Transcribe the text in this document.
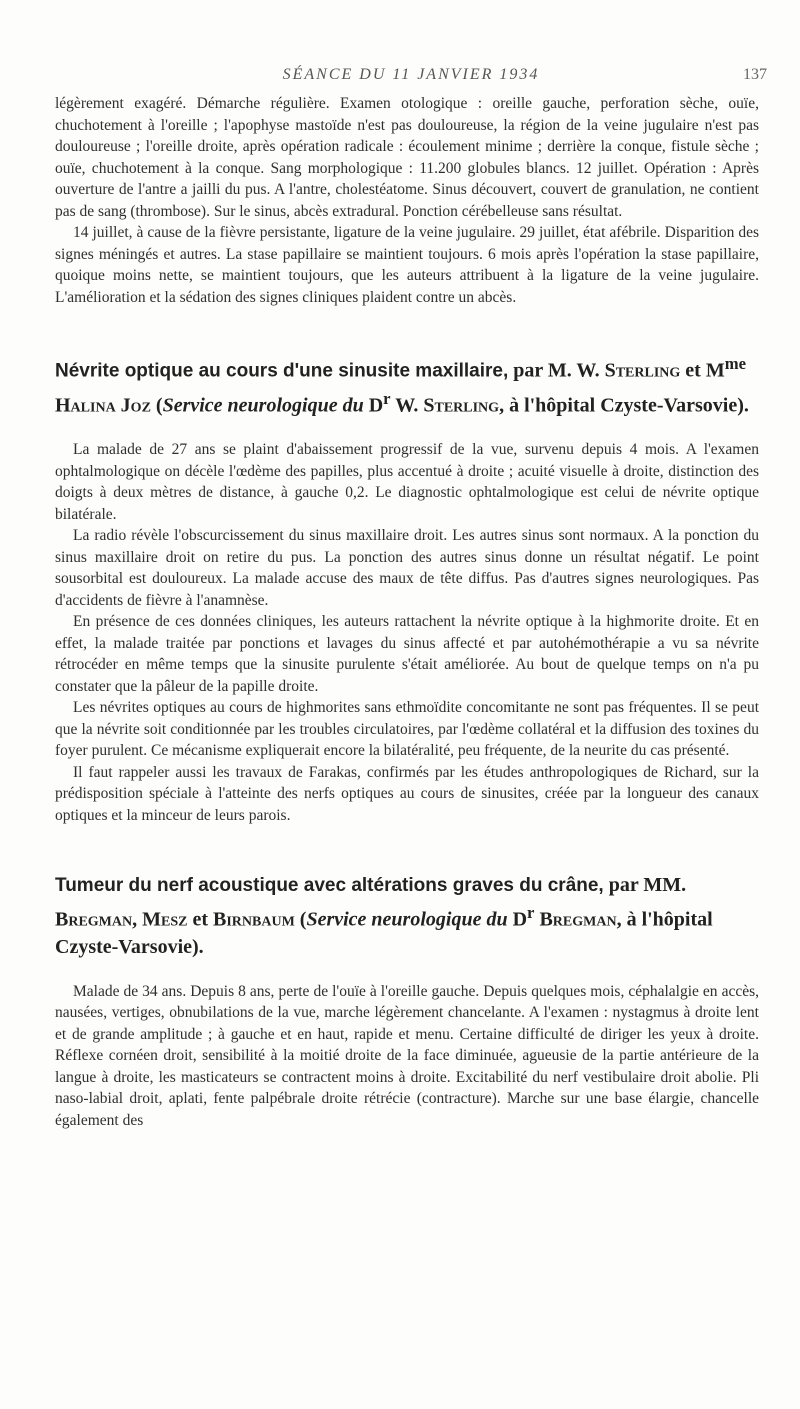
SÉANCE DU 11 JANVIER 1934	137

légèrement exagéré. Démarche régulière. Examen otologique : oreille gauche, perforation sèche, ouïe, chuchotement à l'oreille ; l'apophyse mastoïde n'est pas douloureuse, la région de la veine jugulaire n'est pas douloureuse ; l'oreille droite, après opération radicale : écoulement minime ; derrière la conque, fistule sèche ; ouïe, chuchotement à la conque. Sang morphologique : 11.200 globules blancs. 12 juillet. Opération : Après ouverture de l'antre a jailli du pus. A l'antre, cholestéatome. Sinus découvert, couvert de granulation, ne contient pas de sang (thrombose). Sur le sinus, abcès extradural. Ponction cérébelleuse sans résultat.

14 juillet, à cause de la fièvre persistante, ligature de la veine jugulaire. 29 juillet, état afébrile. Disparition des signes méningés et autres. La stase papillaire se maintient toujours. 6 mois après l'opération la stase papillaire, quoique moins nette, se maintient toujours, que les auteurs attribuent à la ligature de la veine jugulaire. L'amélioration et la sédation des signes cliniques plaident contre un abcès.

Névrite optique au cours d'une sinusite maxillaire, par M. W. Sterling et $M^{me}$ Halina Joz (Service neurologique du $D^r$ W. Sterling, à l'hôpital Czyste-Varsovie).

La malade de 27 ans se plaint d'abaissement progressif de la vue, survenu depuis 4 mois. A l'examen ophtalmologique on décèle l'œdème des papilles, plus accentué à droite ; acuité visuelle à droite, distinction des doigts à deux mètres de distance, à gauche 0,2. Le diagnostic ophtalmologique est celui de névrite optique bilatérale.

La radio révèle l'obscurcissement du sinus maxillaire droit. Les autres sinus sont normaux. A la ponction du sinus maxillaire droit on retire du pus. La ponction des autres sinus donne un résultat négatif. Le point sousorbital est douloureux. La malade accuse des maux de tête diffus. Pas d'autres signes neurologiques. Pas d'accidents de fièvre à l'anamnèse.

En présence de ces données cliniques, les auteurs rattachent la névrite optique à la highmorite droite. Et en effet, la malade traitée par ponctions et lavages du sinus affecté et par autohémothérapie a vu sa névrite rétrocéder en même temps que la sinusite purulente s'était améliorée. Au bout de quelque temps on n'a pu constater que la pâleur de la papille droite.

Les névrites optiques au cours de highmorites sans ethmoïdite concomitante ne sont pas fréquentes. Il se peut que la névrite soit conditionnée par les troubles circulatoires, par l'œdème collatéral et la diffusion des toxines du foyer purulent. Ce mécanisme expliquerait encore la bilatéralité, peu fréquente, de la neurite du cas présenté.

Il faut rappeler aussi les travaux de Farakas, confirmés par les études anthropologiques de Richard, sur la prédisposition spéciale à l'atteinte des nerfs optiques au cours de sinusites, créée par la longueur des canaux optiques et la minceur de leurs parois.

Tumeur du nerf acoustique avec altérations graves du crâne, par MM. Bregman, Mesz et Birnbaum (Service neurologique du $D^r$ Bregman, à l'hôpital Czyste-Varsovie).

Malade de 34 ans. Depuis 8 ans, perte de l'ouïe à l'oreille gauche. Depuis quelques mois, céphalalgie en accès, nausées, vertiges, obnubilations de la vue, marche légèrement chancelante. A l'examen : nystagmus à droite lent et de grande amplitude ; à gauche et en haut, rapide et menu. Certaine difficulté de diriger les yeux à droite. Réflexe cornéen droit, sensibilité à la moitié droite de la face diminuée, agueusie de la partie antérieure de la langue à droite, les masticateurs se contractent moins à droite. Excitabilité du nerf vestibulaire droit abolie. Pli naso-labial droit, aplati, fente palpébrale droite rétrécie (contracture). Marche sur une base élargie, chancelle également des
